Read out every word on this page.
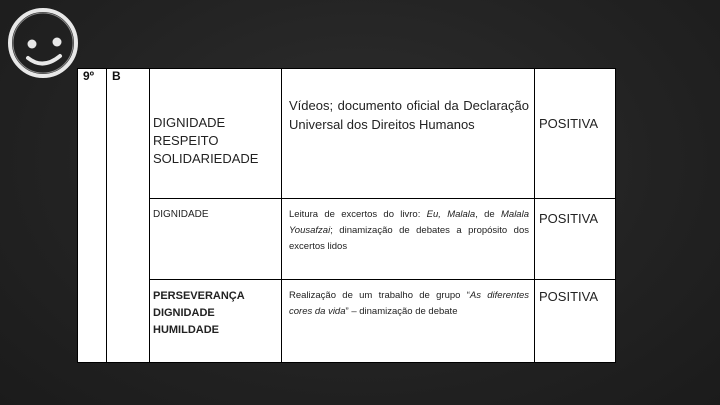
9º	B	DIGNIDADE
RESPEITO
SOLIDARIEDADE	Vídeos; documento oficial da Declaração Universal dos Direitos Humanos	POSITIVA

		DIGNIDADE	Leitura de excertos do livro: Eu, Malala, de Malala Yousafzai; dinamização de debates a propósito dos excertos lidos	POSITIVA

		PERSEVERANÇA
DIGNIDADE
HUMILDADE	Realização de um trabalho de grupo “As diferentes cores da vida” – dinamização de debate	POSITIVA
